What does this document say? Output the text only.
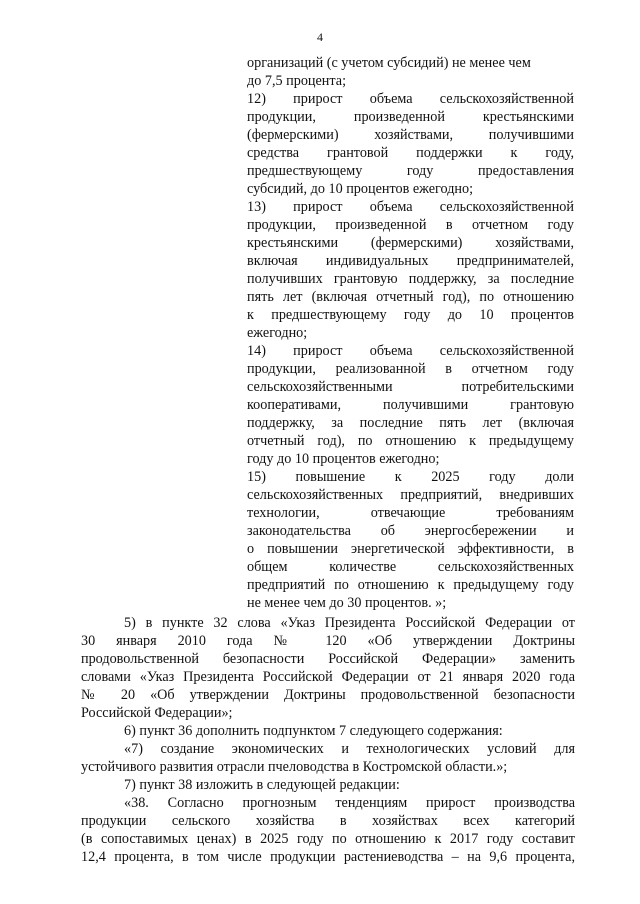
4
организаций (с учетом субсидий) не менее чем
до 7,5 процента;
12) прирост объема сельскохозяйственной
продукции, произведенной крестьянскими
(фермерскими) хозяйствами, получившими
средства грантовой поддержки к году,
предшествующему году предоставления
субсидий, до 10 процентов ежегодно;
13) прирост объема сельскохозяйственной
продукции, произведенной в отчетном году
крестьянскими (фермерскими) хозяйствами,
включая индивидуальных предпринимателей,
получивших грантовую поддержку, за последние
пять лет (включая отчетный год), по отношению
к предшествующему году до 10 процентов
ежегодно;
14) прирост объема сельскохозяйственной
продукции, реализованной в отчетном году
сельскохозяйственными потребительскими
кооперативами, получившими грантовую
поддержку, за последние пять лет (включая
отчетный год), по отношению к предыдущему
году до 10 процентов ежегодно;
15) повышение к 2025 году доли
сельскохозяйственных предприятий, внедривших
технологии, отвечающие требованиям
законодательства об энергосбережении и
о повышении энергетической эффективности, в
общем количестве сельскохозяйственных
предприятий по отношению к предыдущему году
не менее чем до 30 процентов. »;
5) в пункте 32 слова «Указ Президента Российской Федерации от
30 января 2010 года № 120 «Об утверждении Доктрины
продовольственной безопасности Российской Федерации» заменить
словами «Указ Президента Российской Федерации от 21 января 2020 года
№ 20 «Об утверждении Доктрины продовольственной безопасности
Российской Федерации»;
6) пункт 36 дополнить подпунктом 7 следующего содержания:
«7) создание экономических и технологических условий для
устойчивого развития отрасли пчеловодства в Костромской области.»;
7) пункт 38 изложить в следующей редакции:
«38. Согласно прогнозным тенденциям прирост производства
продукции сельского хозяйства в хозяйствах всех категорий
(в сопоставимых ценах) в 2025 году по отношению к 2017 году составит
12,4 процента, в том числе продукции растениеводства – на 9,6 процента,
